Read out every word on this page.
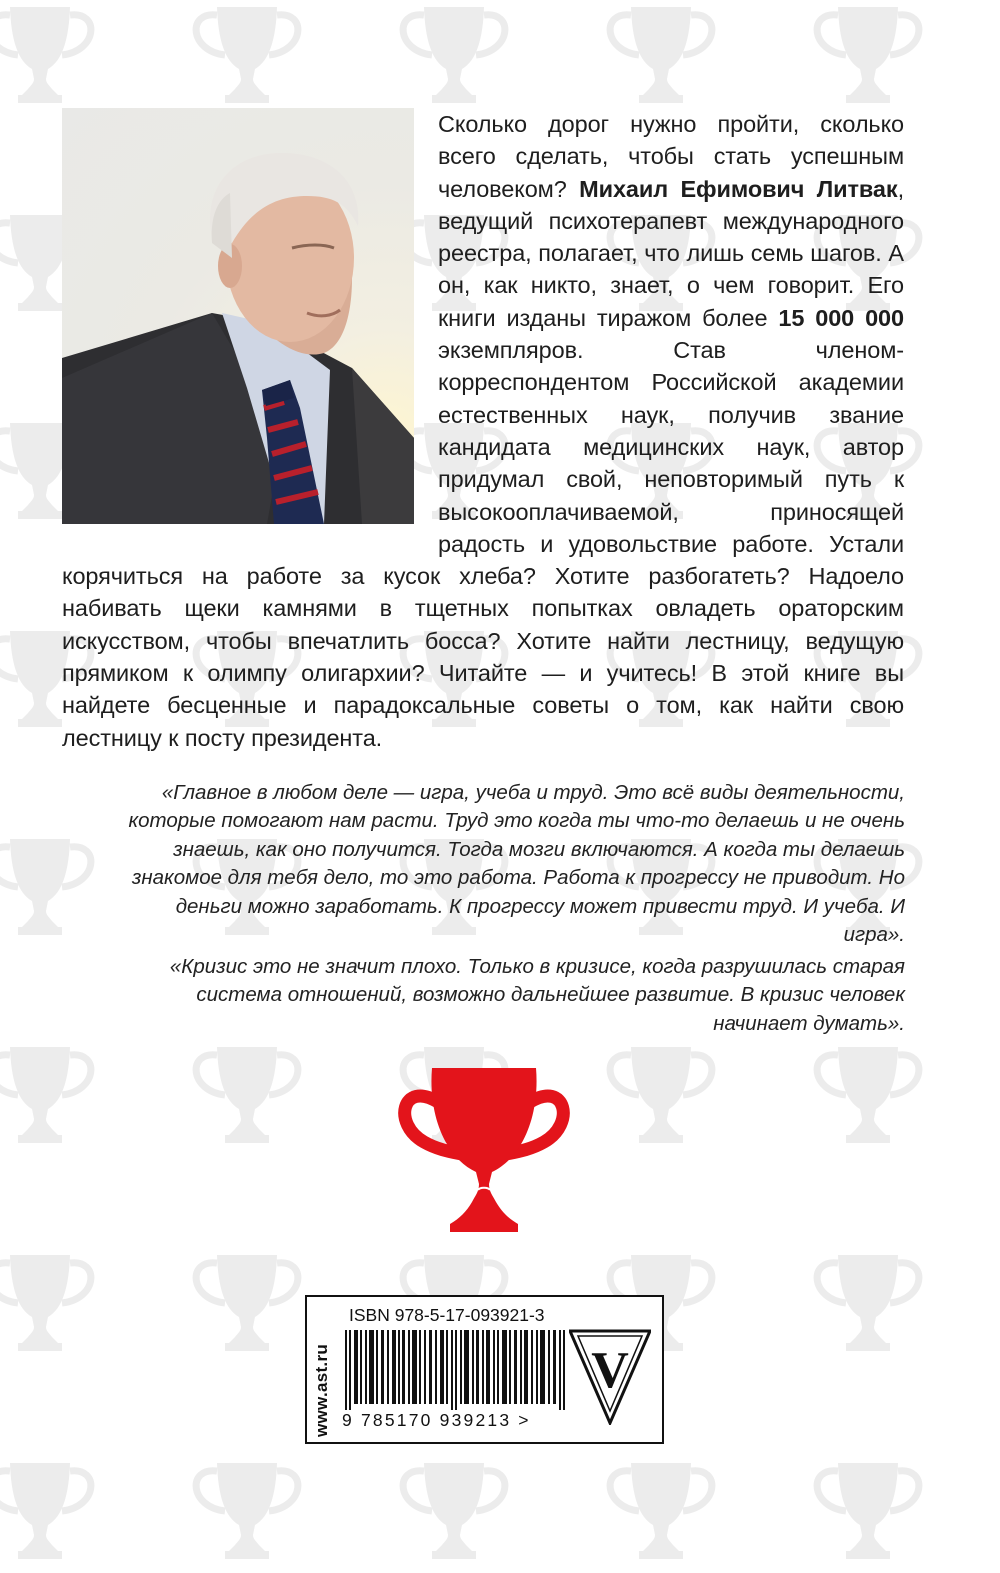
Сколько дорог нужно пройти, сколько всего сделать, чтобы стать успешным человеком? Михаил Ефимович Литвак, ведущий психотерапевт международного реестра, полагает, что лишь семь шагов. А он, как никто, знает, о чем говорит. Его книги изданы тиражом более 15 000 000 экземпляров. Став членом-корреспондентом Российской академии естественных наук, получив звание кандидата медицинских наук, автор придумал свой, неповторимый путь к высокооплачиваемой, приносящей радость и удовольствие работе. Устали корячиться на работе за кусок хлеба? Хотите разбогатеть? Надоело набивать щеки камнями в тщетных попытках овладеть ораторским искусством, чтобы впечатлить босса? Хотите найти лестницу, ведущую прямиком к олимпу олигархии? Читайте — и учитесь! В этой книге вы найдете бесценные и парадоксальные советы о том, как найти свою лестницу к посту президента.

«Главное в любом деле — игра, учеба и труд. Это всё виды деятельности, которые помогают нам расти. Труд это когда ты что-то делаешь и не очень знаешь, как оно получится. Тогда мозги включаются. А когда ты делаешь знакомое для тебя дело, то это работа. Работа к прогрессу не приводит. Но деньги можно заработать. К прогрессу может привести труд. И учеба. И игра».

«Кризис это не значит плохо. Только в кризисе, когда разрушилась старая система отношений, возможно дальнейшее развитие. В кризис человек начинает думать».

www.ast.ru
ISBN 978-5-17-093921-3
9 785170 939213 >
V
